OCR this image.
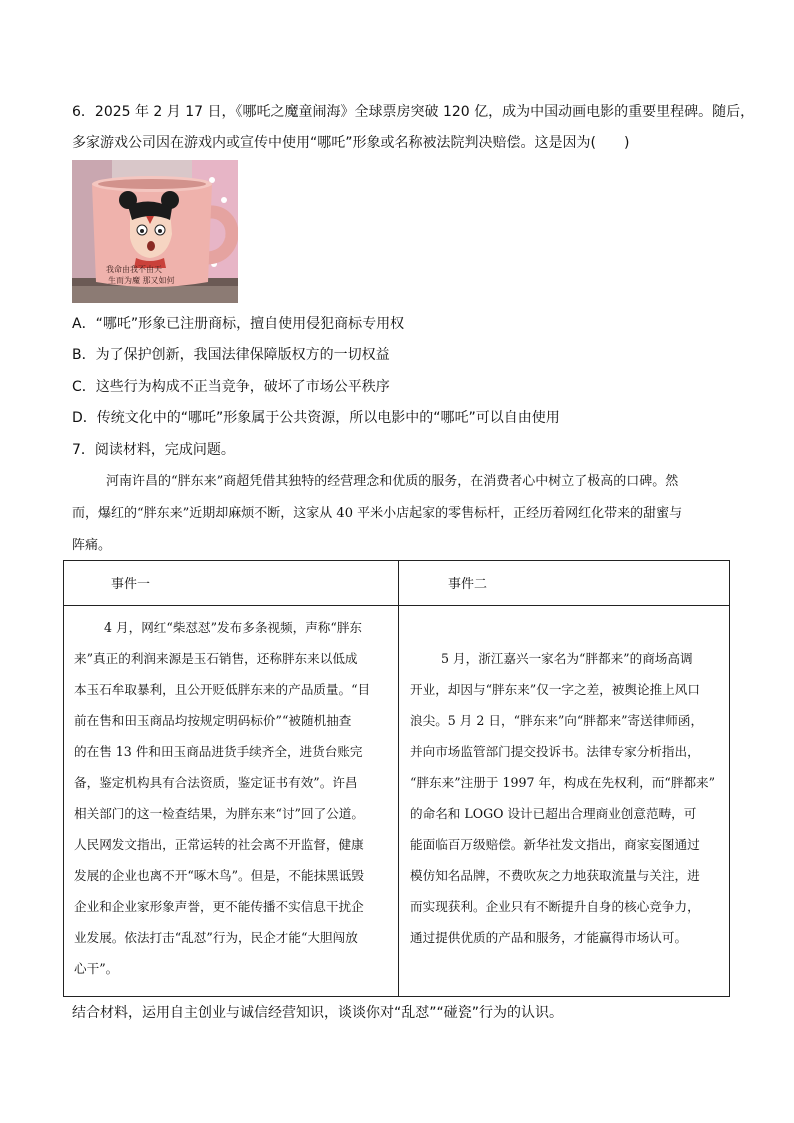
6．2025 年 2 月 17 日，《哪吒之魔童闹海》全球票房突破 120 亿，成为中国动画电影的重要里程碑。随后，
多家游戏公司因在游戏内或宣传中使用“哪吒”形象或名称被法院判决赔偿。这是因为(　　)
我命由我不由天
生而为魔 那又如何
A．“哪吒”形象已注册商标，擅自使用侵犯商标专用权
B．为了保护创新，我国法律保障版权方的一切权益
C．这些行为构成不正当竞争，破坏了市场公平秩序
D．传统文化中的“哪吒”形象属于公共资源，所以电影中的“哪吒”可以自由使用
7．阅读材料，完成问题。
河南许昌的“胖东来”商超凭借其独特的经营理念和优质的服务，在消费者心中树立了极高的口碑。然
而，爆红的“胖东来”近期却麻烦不断，这家从 40 平米小店起家的零售标杆，正经历着网红化带来的甜蜜与
阵痛。
事件一	事件二
4 月，网红“柴怼怼”发布多条视频，声称“胖东
来”真正的利润来源是玉石销售，还称胖东来以低成
本玉石牟取暴利，且公开贬低胖东来的产品质量。“目
前在售和田玉商品均按规定明码标价”“被随机抽查
的在售 13 件和田玉商品进货手续齐全，进货台账完
备，鉴定机构具有合法资质，鉴定证书有效”。许昌
相关部门的这一检查结果，为胖东来“讨”回了公道。
人民网发文指出，正常运转的社会离不开监督，健康
发展的企业也离不开“啄木鸟”。但是，不能抹黑诋毁
企业和企业家形象声誉，更不能传播不实信息干扰企
业发展。依法打击“乱怼”行为，民企才能“大胆闯放
心干”。
5 月，浙江嘉兴一家名为“胖都来”的商场高调
开业，却因与“胖东来”仅一字之差，被舆论推上风口
浪尖。5 月 2 日，“胖东来”向“胖都来”寄送律师函，
并向市场监管部门提交投诉书。法律专家分析指出，
“胖东来”注册于 1997 年，构成在先权利，而“胖都来”
的命名和 LOGO 设计已超出合理商业创意范畴，可
能面临百万级赔偿。新华社发文指出，商家妄图通过
模仿知名品牌，不费吹灰之力地获取流量与关注，进
而实现获利。企业只有不断提升自身的核心竞争力，
通过提供优质的产品和服务，才能赢得市场认可。
结合材料，运用自主创业与诚信经营知识，谈谈你对“乱怼”“碰瓷”行为的认识。
